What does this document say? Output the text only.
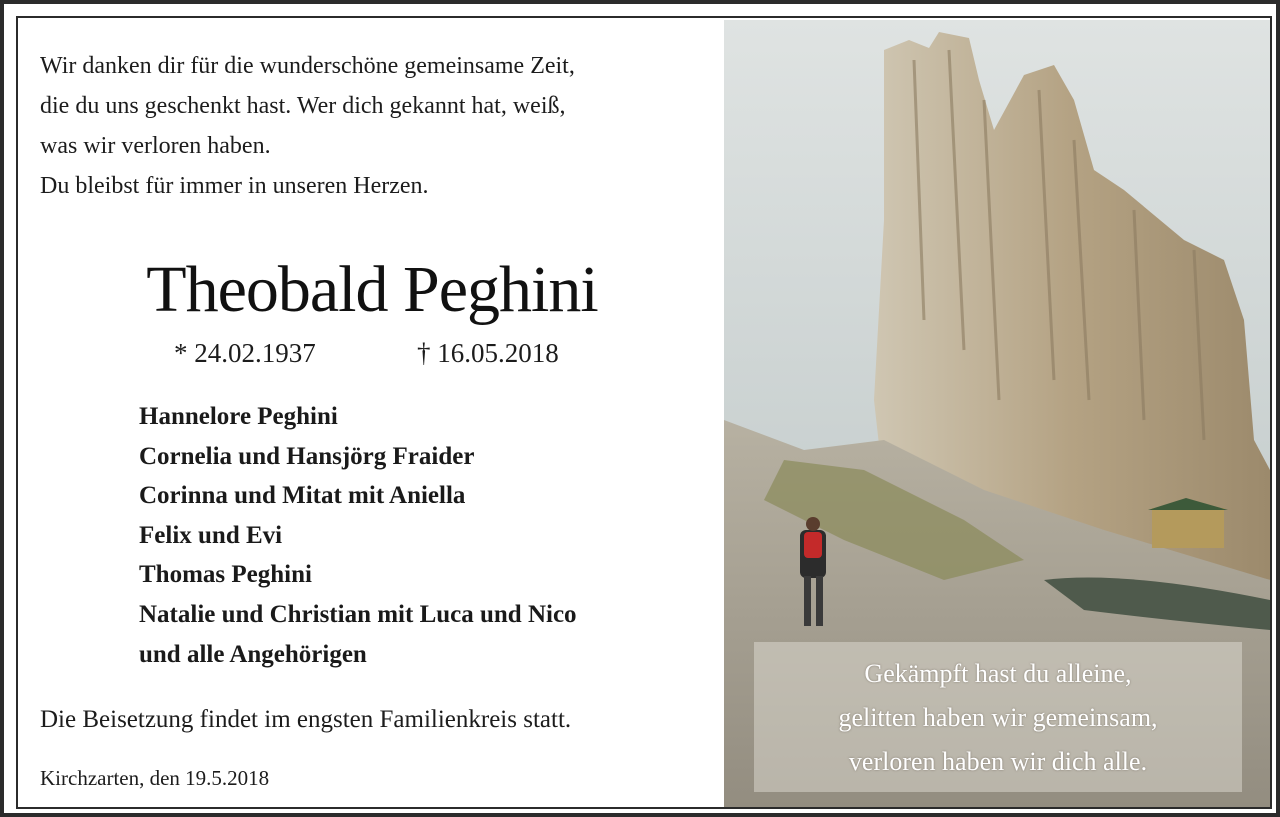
Wir danken dir für die wunderschöne gemeinsame Zeit,
die du uns geschenkt hast. Wer dich gekannt hat, weiß,
was wir verloren haben.
Du bleibst für immer in unseren Herzen.
Theobald Peghini
* 24.02.1937	† 16.05.2018
Hannelore Peghini
Cornelia und Hansjörg Fraider
Corinna und Mitat mit Aniella
Felix und Evi
Thomas Peghini
Natalie und Christian mit Luca und Nico
und alle Angehörigen
Die Beisetzung findet im engsten Familienkreis statt.
Kirchzarten, den 19.5.2018
Gekämpft hast du alleine,
gelitten haben wir gemeinsam,
verloren haben wir dich alle.
